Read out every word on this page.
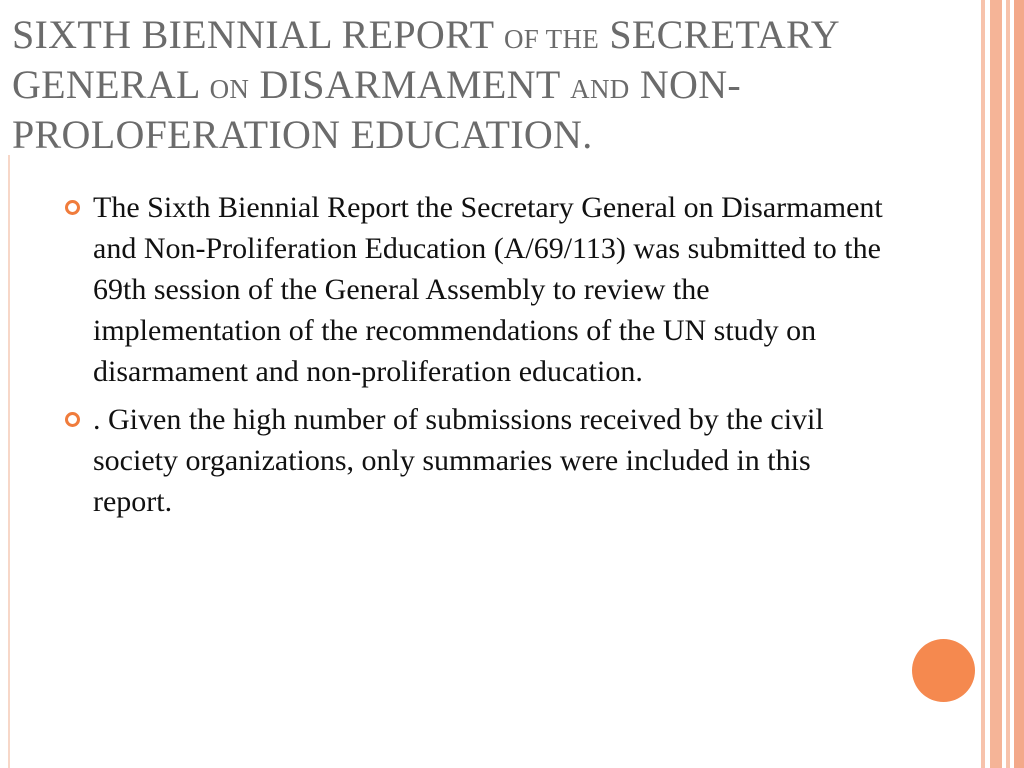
SIXTH BIENNIAL REPORT OF THE SECRETARY GENERAL ON DISARMAMENT AND NON-PROLOFERATION EDUCATION.
The Sixth Biennial Report the Secretary General on Disarmament and Non-Proliferation Education (A/69/113) was submitted to the 69th session of the General Assembly to review the implementation of the recommendations of the UN study on disarmament and non-proliferation education.
. Given the high number of submissions received by the civil society organizations, only summaries were included in this report.
